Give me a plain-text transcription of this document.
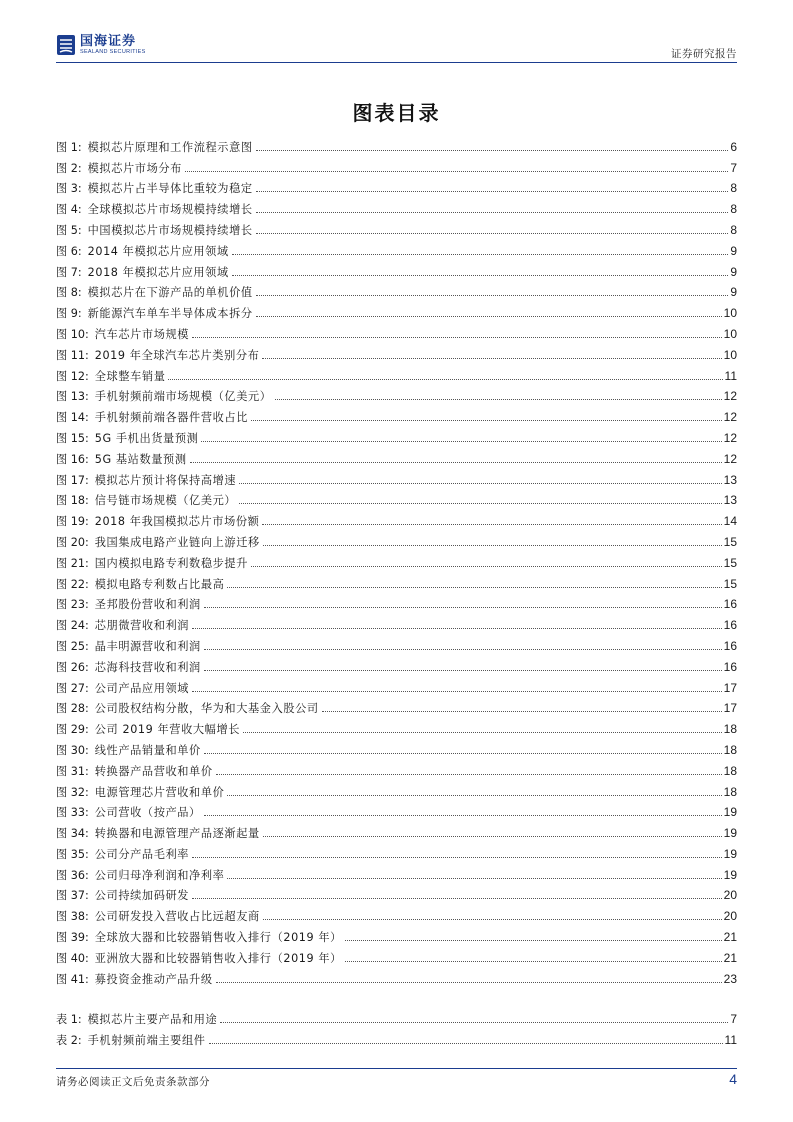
国海证券
SEALAND SECURITIES	证券研究报告
图表目录
图 1: 模拟芯片原理和工作流程示意图	6
图 2: 模拟芯片市场分布	7
图 3: 模拟芯片占半导体比重较为稳定	8
图 4: 全球模拟芯片市场规模持续增长	8
图 5: 中国模拟芯片市场规模持续增长	8
图 6: 2014 年模拟芯片应用领域	9
图 7: 2018 年模拟芯片应用领域	9
图 8: 模拟芯片在下游产品的单机价值	9
图 9: 新能源汽车单车半导体成本拆分	10
图 10: 汽车芯片市场规模	10
图 11: 2019 年全球汽车芯片类别分布	10
图 12: 全球整车销量	11
图 13: 手机射频前端市场规模（亿美元）	12
图 14: 手机射频前端各器件营收占比	12
图 15: 5G 手机出货量预测	12
图 16: 5G 基站数量预测	12
图 17: 模拟芯片预计将保持高增速	13
图 18: 信号链市场规模（亿美元）	13
图 19: 2018 年我国模拟芯片市场份额	14
图 20: 我国集成电路产业链向上游迁移	15
图 21: 国内模拟电路专利数稳步提升	15
图 22: 模拟电路专利数占比最高	15
图 23: 圣邦股份营收和利润	16
图 24: 芯朋微营收和利润	16
图 25: 晶丰明源营收和利润	16
图 26: 芯海科技营收和利润	16
图 27: 公司产品应用领域	17
图 28: 公司股权结构分散，华为和大基金入股公司	17
图 29: 公司 2019 年营收大幅增长	18
图 30: 线性产品销量和单价	18
图 31: 转换器产品营收和单价	18
图 32: 电源管理芯片营收和单价	18
图 33: 公司营收（按产品）	19
图 34: 转换器和电源管理产品逐渐起量	19
图 35: 公司分产品毛利率	19
图 36: 公司归母净利润和净利率	19
图 37: 公司持续加码研发	20
图 38: 公司研发投入营收占比远超友商	20
图 39: 全球放大器和比较器销售收入排行（2019 年）	21
图 40: 亚洲放大器和比较器销售收入排行（2019 年）	21
图 41: 募投资金推动产品升级	23
表 1: 模拟芯片主要产品和用途	7
表 2: 手机射频前端主要组件	11
请务必阅读正文后免责条款部分	4
